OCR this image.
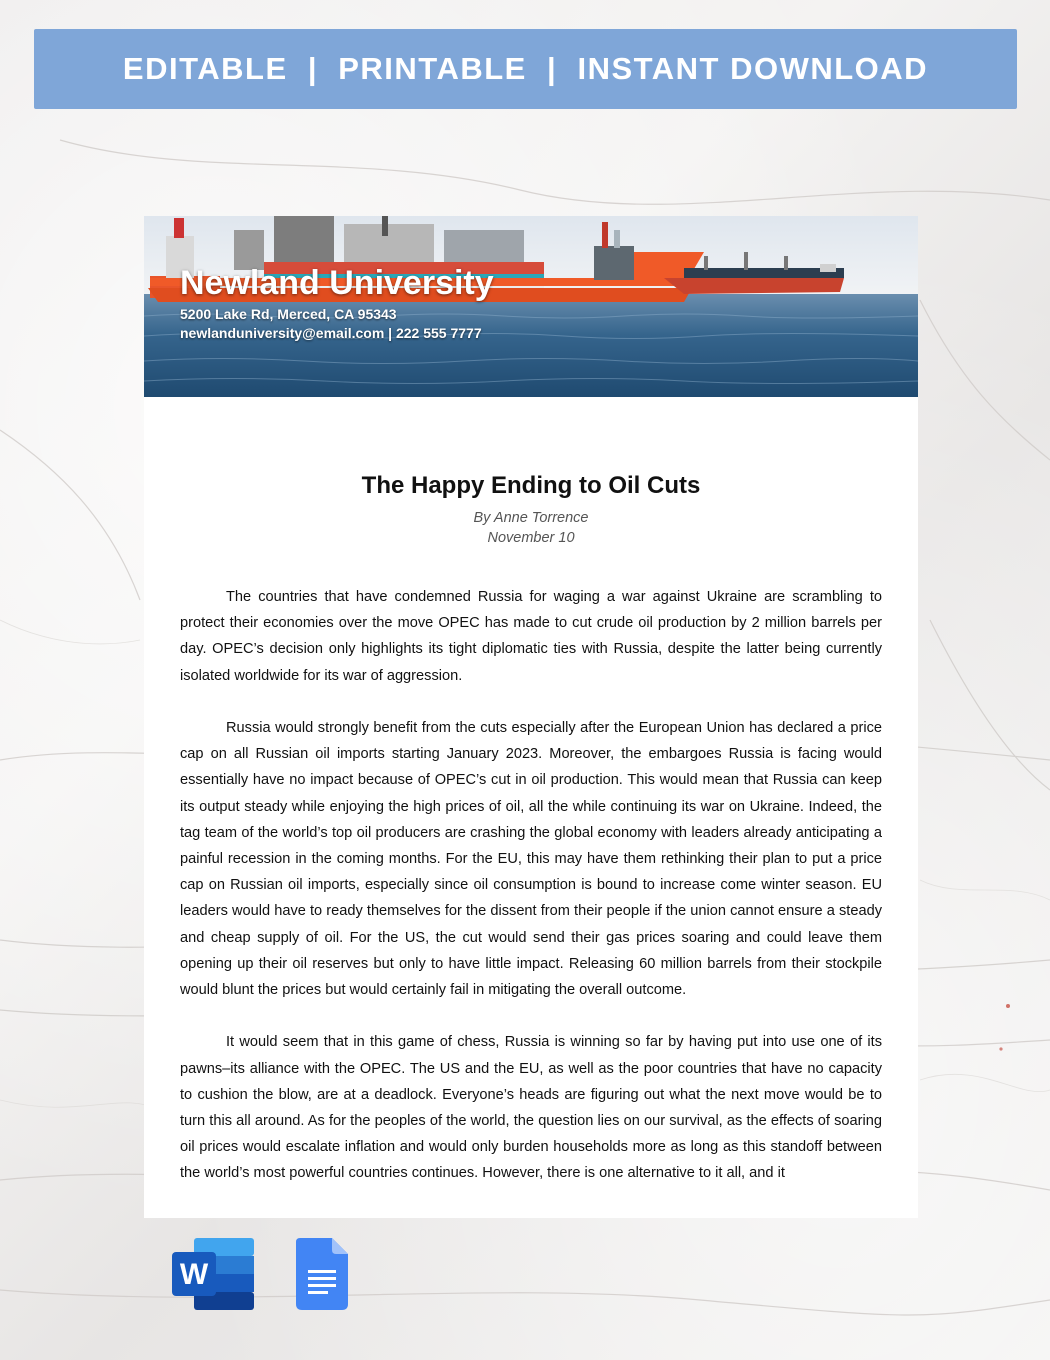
EDITABLE  |  PRINTABLE  |  INSTANT DOWNLOAD
Newland University
5200 Lake Rd, Merced, CA 95343
newlanduniversity@email.com | 222 555 7777
The Happy Ending to Oil Cuts
By Anne Torrence
November 10

The countries that have condemned Russia for waging a war against Ukraine are scrambling to protect their economies over the move OPEC has made to cut crude oil production by 2 million barrels per day. OPEC’s decision only highlights its tight diplomatic ties with Russia, despite the latter being currently isolated worldwide for its war of aggression.

Russia would strongly benefit from the cuts especially after the European Union has declared a price cap on all Russian oil imports starting January 2023. Moreover, the embargoes Russia is facing would essentially have no impact because of OPEC’s cut in oil production. This would mean that Russia can keep its output steady while enjoying the high prices of oil, all the while continuing its war on Ukraine. Indeed, the tag team of the world’s top oil producers are crashing the global economy with leaders already anticipating a painful recession in the coming months. For the EU, this may have them rethinking their plan to put a price cap on Russian oil imports, especially since oil consumption is bound to increase come winter season. EU leaders would have to ready themselves for the dissent from their people if the union cannot ensure a steady and cheap supply of oil. For the US, the cut would send their gas prices soaring and could leave them opening up their oil reserves but only to have little impact. Releasing 60 million barrels from their stockpile would blunt the prices but would certainly fail in mitigating the overall outcome.

It would seem that in this game of chess, Russia is winning so far by having put into use one of its pawns–its alliance with the OPEC. The US and the EU, as well as the poor countries that have no capacity to cushion the blow, are at a deadlock. Everyone’s heads are figuring out what the next move would be to turn this all around. As for the peoples of the world, the question lies on our survival, as the effects of soaring oil prices would escalate inflation and would only burden households more as long as this standoff between the world’s most powerful countries continues. However, there is one alternative to it all, and it

W
